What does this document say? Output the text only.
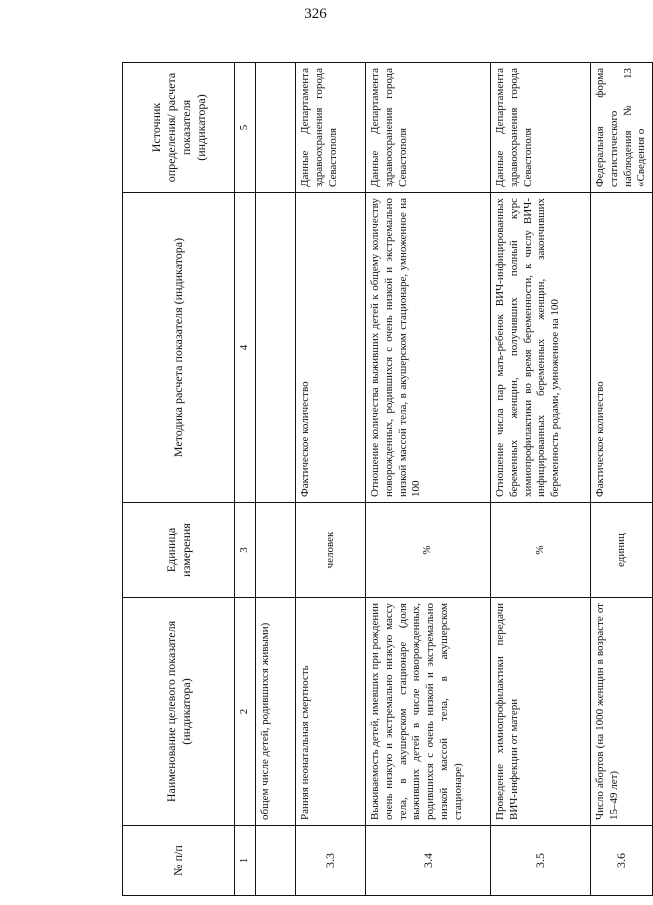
326
№ п/п	Наименование целевого показателя (индикатора)	Единица измерения	Методика расчета показателя (индикатора)	Источник определения/ расчета показателя (индикатора)
1	2	3	4	5
	общем числе детей, родившихся живыми)			
3.3	Ранняя неонатальная смертность	человек	Фактическое количество	Данные Департамента здравоохранения города Севастополя
3.4	Выживаемость детей, имевших при рождении очень низкую и экстремально низкую массу тела, в акушерском стационаре (доля выживших детей в числе новорожденных, родившихся с очень низкой и экстремально низкой массой тела, в акушерском стационаре)	%	Отношение количества выживших детей к общему количеству новорожденных, родившихся с очень низкой и экстремально низкой массой тела, в акушерском стационаре, умноженное на 100	Данные Департамента здравоохранения города Севастополя
3.5	Проведение химиопрофилактики передачи ВИЧ-инфекции от матери	%	Отношение числа пар мать-ребенок ВИЧ-инфицированных беременных женщин, получивших полный курс химиопрофилактики во время беременности, к числу ВИЧ-инфицированных беременных женщин, закончивших беременность родами, умноженное на 100	Данные Департамента здравоохранения города Севастополя
3.6	Число абортов (на 1000 женщин в возрасте от 15–49 лет)	единиц	Фактическое количество	Федеральная форма статистического наблюдения № 13 «Сведения о
